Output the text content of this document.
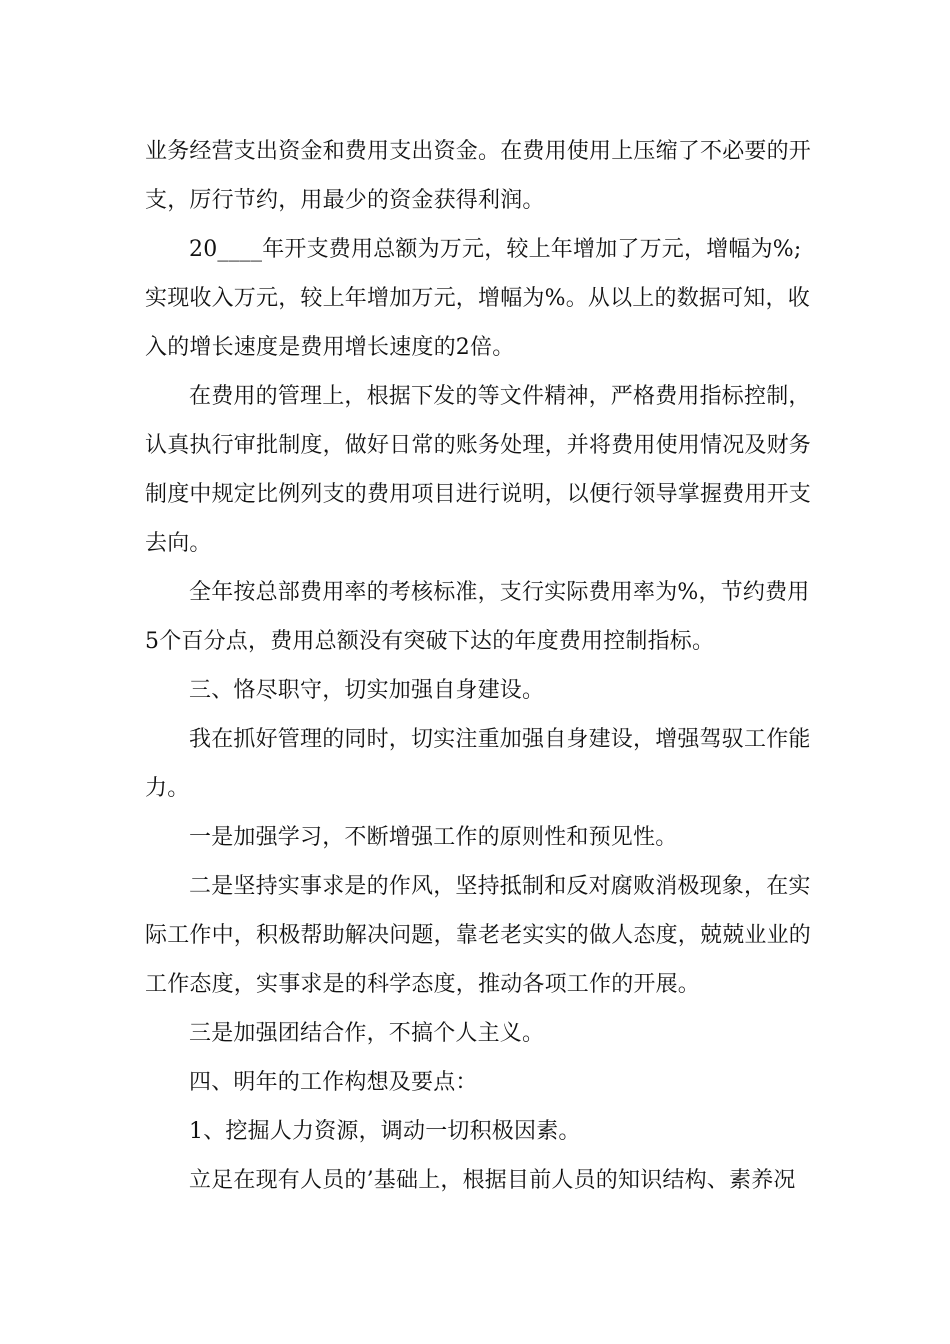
业务经营支出资金和费用支出资金。在费用使用上压缩了不必要的开支，厉行节约，用最少的资金获得利润。

20____年开支费用总额为万元，较上年增加了万元，增幅为%;实现收入万元，较上年增加万元，增幅为%。从以上的数据可知，收入的增长速度是费用增长速度的2倍。

在费用的管理上，根据下发的等文件精神，严格费用指标控制，认真执行审批制度，做好日常的账务处理，并将费用使用情况及财务制度中规定比例列支的费用项目进行说明，以便行领导掌握费用开支去向。

全年按总部费用率的考核标准，支行实际费用率为%，节约费用5个百分点，费用总额没有突破下达的年度费用控制指标。

三、恪尽职守，切实加强自身建设。

我在抓好管理的同时，切实注重加强自身建设，增强驾驭工作能力。

一是加强学习，不断增强工作的原则性和预见性。

二是坚持实事求是的作风，坚持抵制和反对腐败消极现象，在实际工作中，积极帮助解决问题，靠老老实实的做人态度，兢兢业业的工作态度，实事求是的科学态度，推动各项工作的开展。

三是加强团结合作，不搞个人主义。

四、明年的工作构想及要点：

1、挖掘人力资源，调动一切积极因素。

立足在现有人员的’基础上，根据目前人员的知识结构、素养况
